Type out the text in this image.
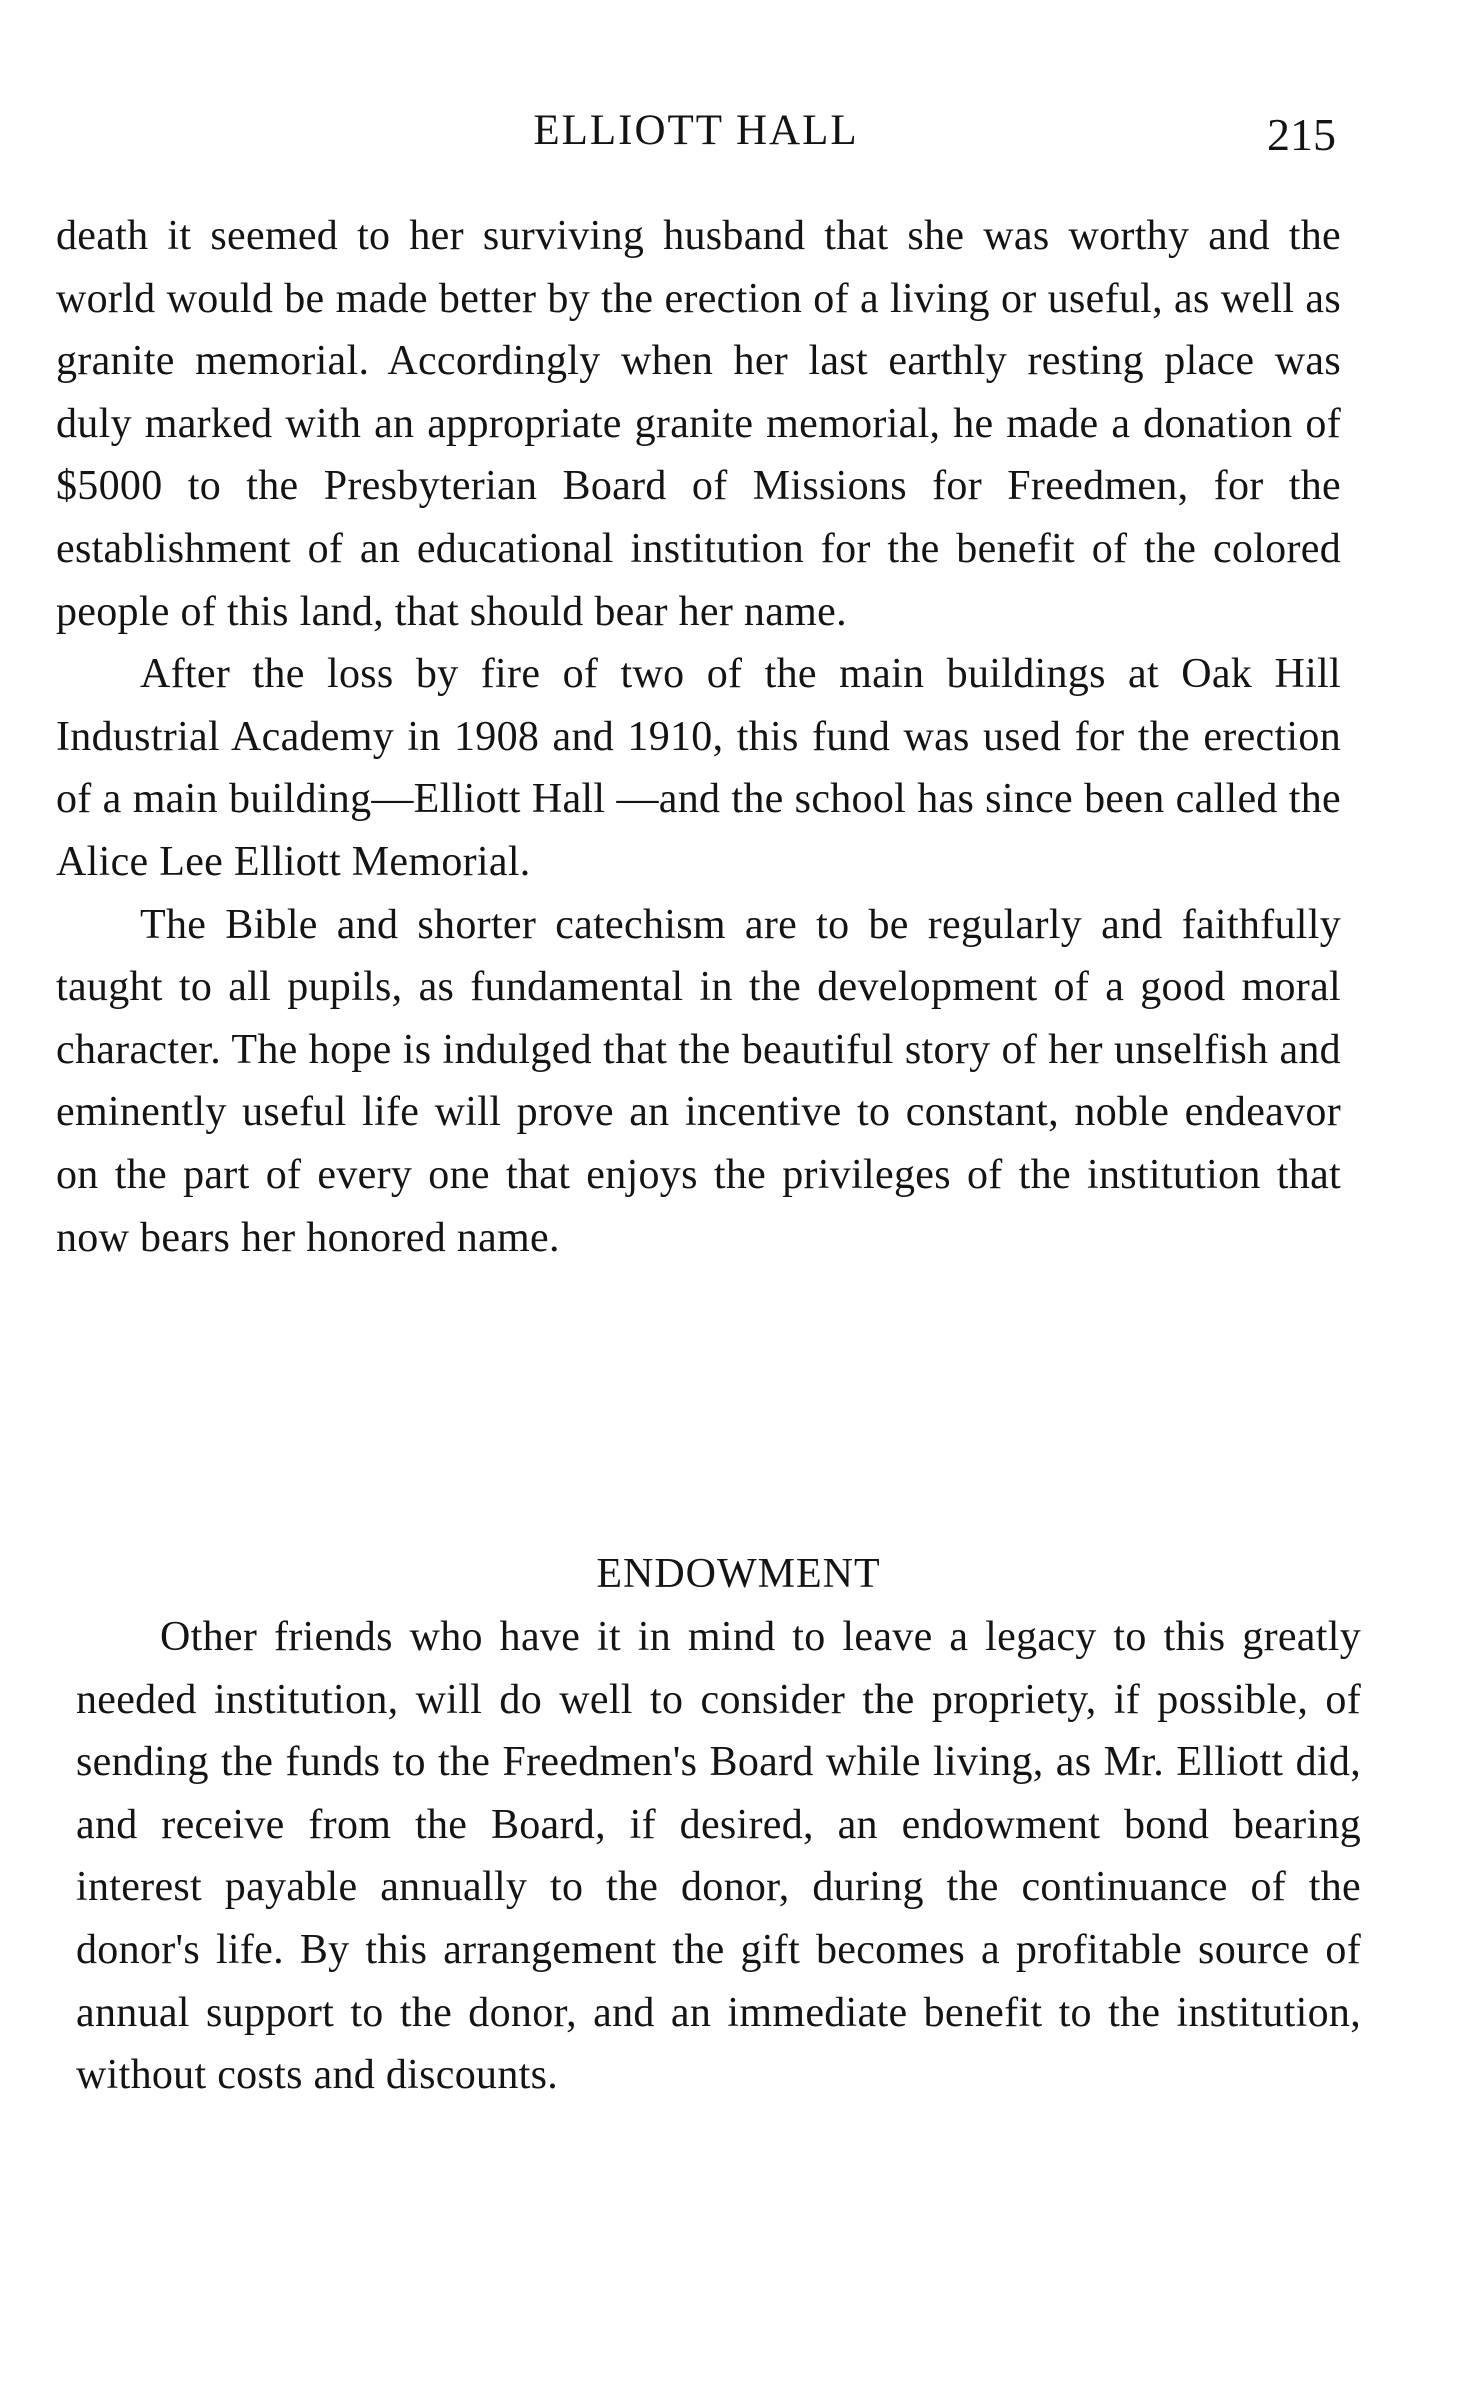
ELLIOTT HALL	215

death it seemed to her surviving husband that she was worthy and the world would be made better by the erection of a living or useful, as well as granite memorial. Accordingly when her last earthly resting place was duly marked with an appropriate granite memorial, he made a donation of $5000 to the Presbyterian Board of Missions for Freedmen, for the establishment of an educational institution for the benefit of the colored people of this land, that should bear her name.

After the loss by fire of two of the main buildings at Oak Hill Industrial Academy in 1908 and 1910, this fund was used for the erection of a main building—Elliott Hall —and the school has since been called the Alice Lee Elliott Memorial.

The Bible and shorter catechism are to be regularly and faithfully taught to all pupils, as fundamental in the development of a good moral character. The hope is indulged that the beautiful story of her unselfish and eminently useful life will prove an incentive to constant, noble endeavor on the part of every one that enjoys the privileges of the institution that now bears her honored name.

ENDOWMENT

Other friends who have it in mind to leave a legacy to this greatly needed institution, will do well to consider the propriety, if possible, of sending the funds to the Freedmen's Board while living, as Mr. Elliott did, and receive from the Board, if desired, an endowment bond bearing interest payable annually to the donor, during the continuance of the donor's life. By this arrangement the gift becomes a profitable source of annual support to the donor, and an immediate benefit to the institution, without costs and discounts.
